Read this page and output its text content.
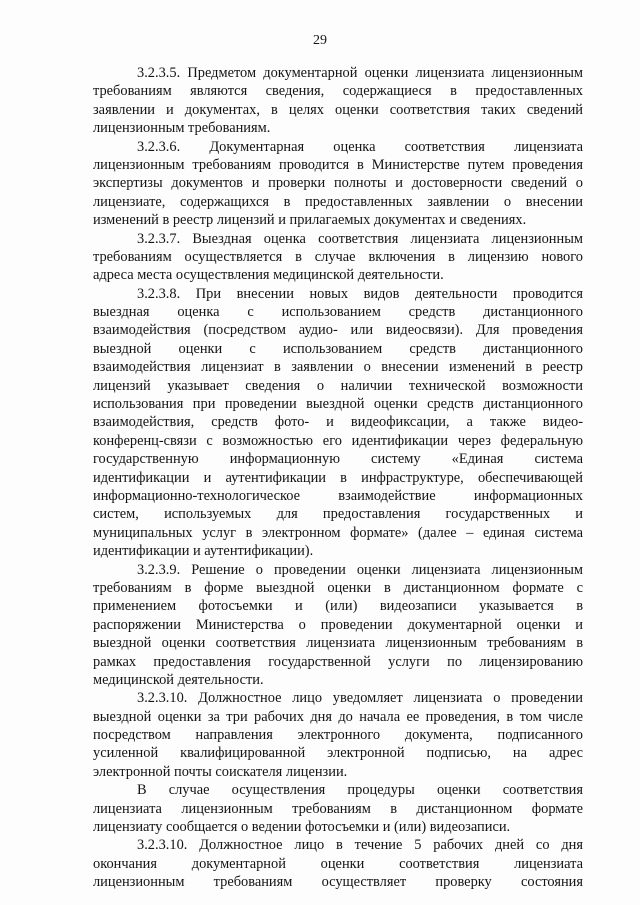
29

3.2.3.5. Предметом документарной оценки лицензиата лицензионным
требованиям являются сведения, содержащиеся в предоставленных
заявлении и документах, в целях оценки соответствия таких сведений
лицензионным требованиям.

3.2.3.6. Документарная оценка соответствия лицензиата
лицензионным требованиям проводится в Министерстве путем проведения
экспертизы документов и проверки полноты и достоверности сведений о
лицензиате, содержащихся в предоставленных заявлении о внесении
изменений в реестр лицензий и прилагаемых документах и сведениях.

3.2.3.7. Выездная оценка соответствия лицензиата лицензионным
требованиям осуществляется в случае включения в лицензию нового
адреса места осуществления медицинской деятельности.

3.2.3.8. При внесении новых видов деятельности проводится
выездная оценка с использованием средств дистанционного
взаимодействия (посредством аудио- или видеосвязи). Для проведения
выездной оценки с использованием средств дистанционного
взаимодействия лицензиат в заявлении о внесении изменений в реестр
лицензий указывает сведения о наличии технической возможности
использования при проведении выездной оценки средств дистанционного
взаимодействия, средств фото- и видеофиксации, а также видео-
конференц-связи с возможностью его идентификации через федеральную
государственную информационную систему «Единая система
идентификации и аутентификации в инфраструктуре, обеспечивающей
информационно-технологическое взаимодействие информационных
систем, используемых для предоставления государственных и
муниципальных услуг в электронном формате» (далее – единая система
идентификации и аутентификации).

3.2.3.9. Решение о проведении оценки лицензиата лицензионным
требованиям в форме выездной оценки в дистанционном формате с
применением фотосъемки и (или) видеозаписи указывается в
распоряжении Министерства о проведении документарной оценки и
выездной оценки соответствия лицензиата лицензионным требованиям в
рамках предоставления государственной услуги по лицензированию
медицинской деятельности.

3.2.3.10. Должностное лицо уведомляет лицензиата о проведении
выездной оценки за три рабочих дня до начала ее проведения, в том числе
посредством направления электронного документа, подписанного
усиленной квалифицированной электронной подписью, на адрес
электронной почты соискателя лицензии.

В случае осуществления процедуры оценки соответствия
лицензиата лицензионным требованиям в дистанционном формате
лицензиату сообщается о ведении фотосъемки и (или) видеозаписи.

3.2.3.10. Должностное лицо в течение 5 рабочих дней со дня
окончания документарной оценки соответствия лицензиата
лицензионным требованиям осуществляет проверку состояния
